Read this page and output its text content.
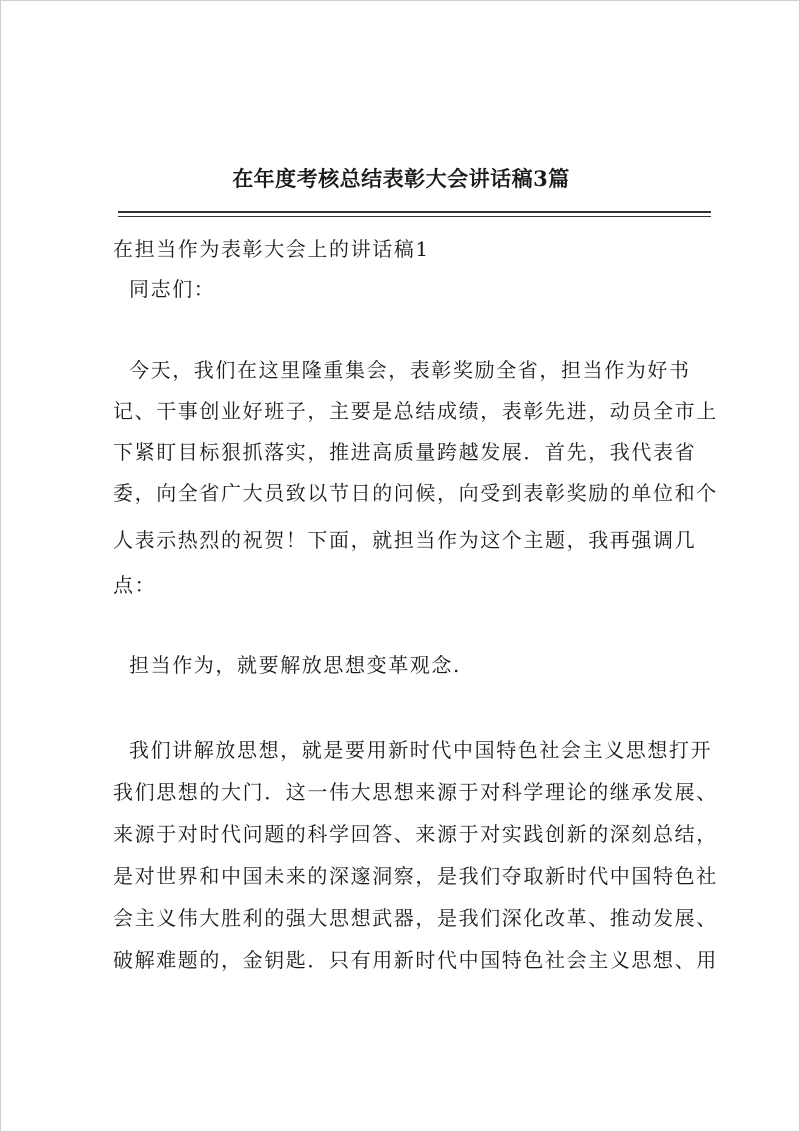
在年度考核总结表彰大会讲话稿3篇
在担当作为表彰大会上的讲话稿1
同志们：
今天，我们在这里隆重集会，表彰奖励全省，担当作为好书
记、干事创业好班子，主要是总结成绩，表彰先进，动员全市上
下紧盯目标狠抓落实，推进高质量跨越发展．首先，我代表省
委，向全省广大员致以节日的问候，向受到表彰奖励的单位和个
人表示热烈的祝贺！下面，就担当作为这个主题，我再强调几
点：
担当作为，就要解放思想变革观念.
我们讲解放思想，就是要用新时代中国特色社会主义思想打开
我们思想的大门．这一伟大思想来源于对科学理论的继承发展、
来源于对时代问题的科学回答、来源于对实践创新的深刻总结，
是对世界和中国未来的深邃洞察，是我们夺取新时代中国特色社
会主义伟大胜利的强大思想武器，是我们深化改革、推动发展、
破解难题的，金钥匙．只有用新时代中国特色社会主义思想、用
